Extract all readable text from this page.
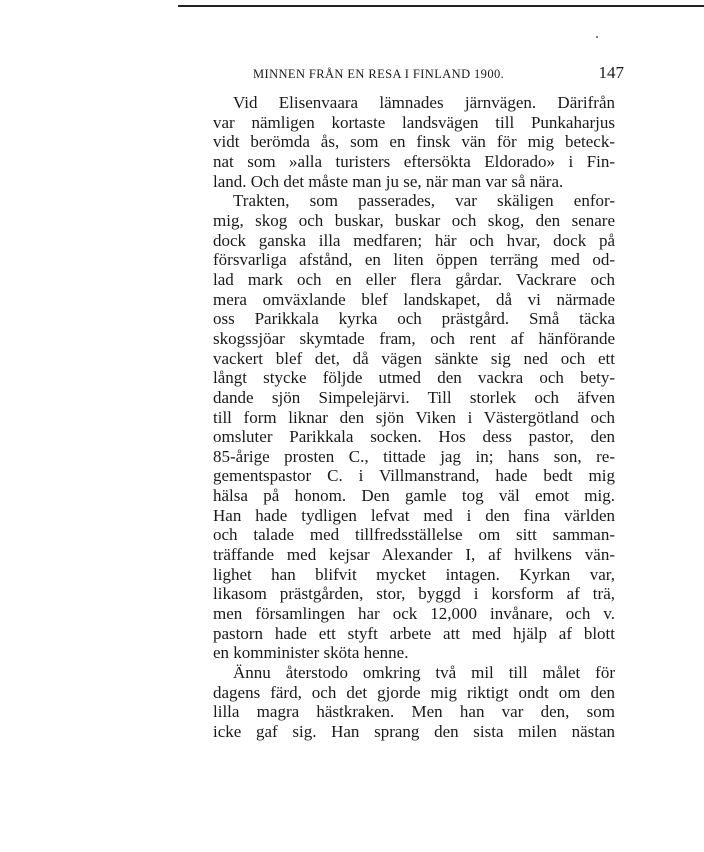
MINNEN FRÅN EN RESA I FINLAND 1900.	147
Vid Elisenvaara lämnades järnvägen. Därifrån
var nämligen kortaste landsvägen till Punkaharjus
vidt berömda ås, som en finsk vän för mig beteck-
nat som »alla turisters eftersökta Eldorado» i Fin-
land. Och det måste man ju se, när man var så nära.
Trakten, som passerades, var skäligen enfor-
mig, skog och buskar, buskar och skog, den senare
dock ganska illa medfaren; här och hvar, dock på
försvarliga afstånd, en liten öppen terräng med od-
lad mark och en eller flera gårdar. Vackrare och
mera omväxlande blef landskapet, då vi närmade
oss Parikkala kyrka och prästgård. Små täcka
skogssjöar skymtade fram, och rent af hänförande
vackert blef det, då vägen sänkte sig ned och ett
långt stycke följde utmed den vackra och bety-
dande sjön Simpelejärvi. Till storlek och äfven
till form liknar den sjön Viken i Västergötland och
omsluter Parikkala socken. Hos dess pastor, den
85-årige prosten C., tittade jag in; hans son, re-
gementspastor C. i Villmanstrand, hade bedt mig
hälsa på honom. Den gamle tog väl emot mig.
Han hade tydligen lefvat med i den fina världen
och talade med tillfredsställelse om sitt samman-
träffande med kejsar Alexander I, af hvilkens vän-
lighet han blifvit mycket intagen. Kyrkan var,
likasom prästgården, stor, byggd i korsform af trä,
men församlingen har ock 12,000 invånare, och v.
pastorn hade ett styft arbete att med hjälp af blott
en komminister sköta henne.
Ännu återstodo omkring två mil till målet för
dagens färd, och det gjorde mig riktigt ondt om den
lilla magra hästkraken. Men han var den, som
icke gaf sig. Han sprang den sista milen nästan
